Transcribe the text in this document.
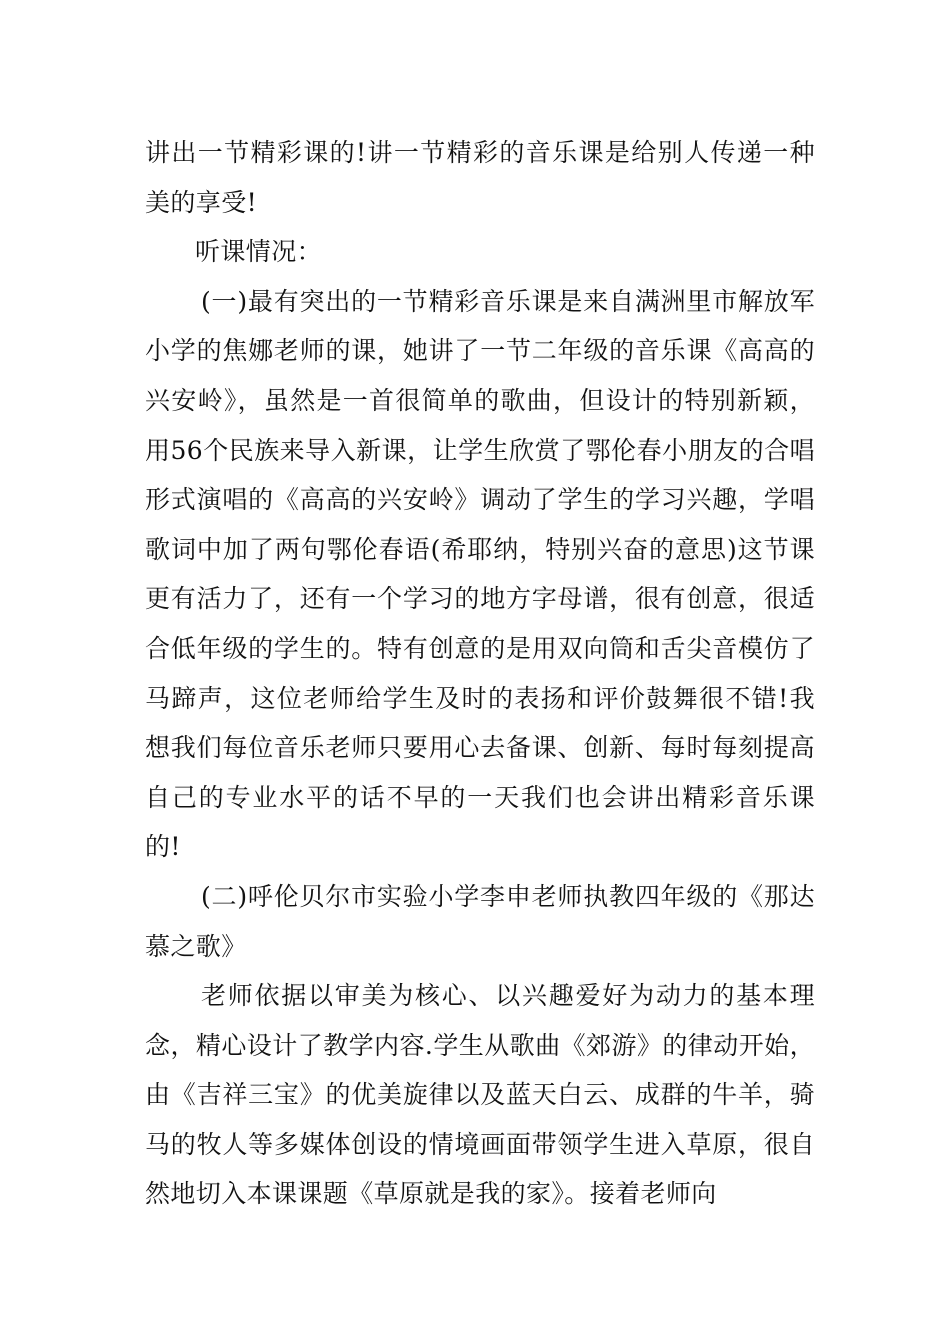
讲出一节精彩课的!讲一节精彩的音乐课是给别人传递一种美的享受!

听课情况：

(一)最有突出的一节精彩音乐课是来自满洲里市解放军小学的焦娜老师的课，她讲了一节二年级的音乐课《高高的兴安岭》，虽然是一首很简单的歌曲，但设计的特别新颖，用56个民族来导入新课，让学生欣赏了鄂伦春小朋友的合唱形式演唱的《高高的兴安岭》调动了学生的学习兴趣，学唱歌词中加了两句鄂伦春语(希耶纳，特别兴奋的意思)这节课更有活力了，还有一个学习的地方字母谱，很有创意，很适合低年级的学生的。特有创意的是用双向筒和舌尖音模仿了马蹄声，这位老师给学生及时的表扬和评价鼓舞很不错!我想我们每位音乐老师只要用心去备课、创新、每时每刻提高自己的专业水平的话不早的一天我们也会讲出精彩音乐课的!

(二)呼伦贝尔市实验小学李申老师执教四年级的《那达慕之歌》

老师依据以审美为核心、以兴趣爱好为动力的基本理念，精心设计了教学内容.学生从歌曲《郊游》的律动开始，由《吉祥三宝》的优美旋律以及蓝天白云、成群的牛羊，骑马的牧人等多媒体创设的情境画面带领学生进入草原，很自然地切入本课课题《草原就是我的家》。接着老师向
